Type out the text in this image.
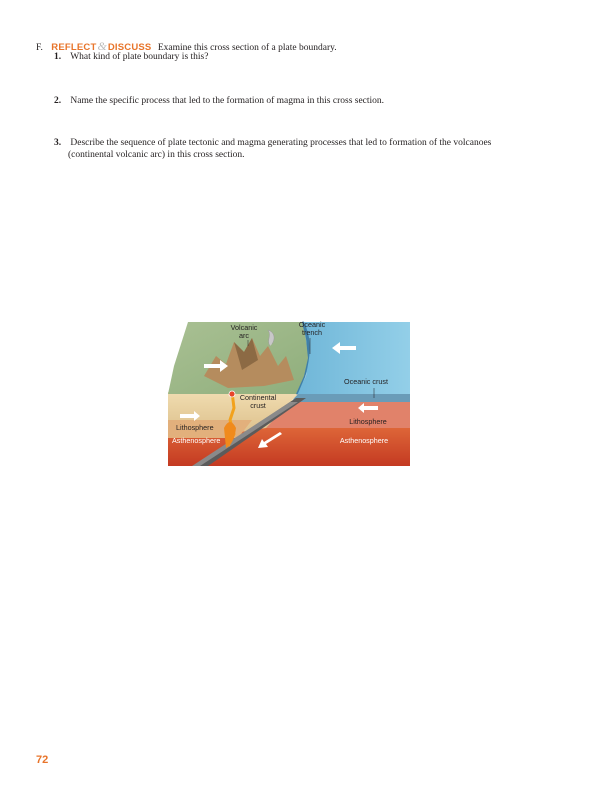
F. REFLECT&DISCUSS Examine this cross section of a plate boundary.
1. What kind of plate boundary is this?
2. Name the specific process that led to the formation of magma in this cross section.
3. Describe the sequence of plate tectonic and magma generating processes that led to formation of the volcanoes
(continental volcanic arc) in this cross section.
Volcanic
arc
Oceanic
trench
Oceanic crust
Continental
crust
Lithosphere
Lithosphere
Asthenosphere	Asthenosphere
72
